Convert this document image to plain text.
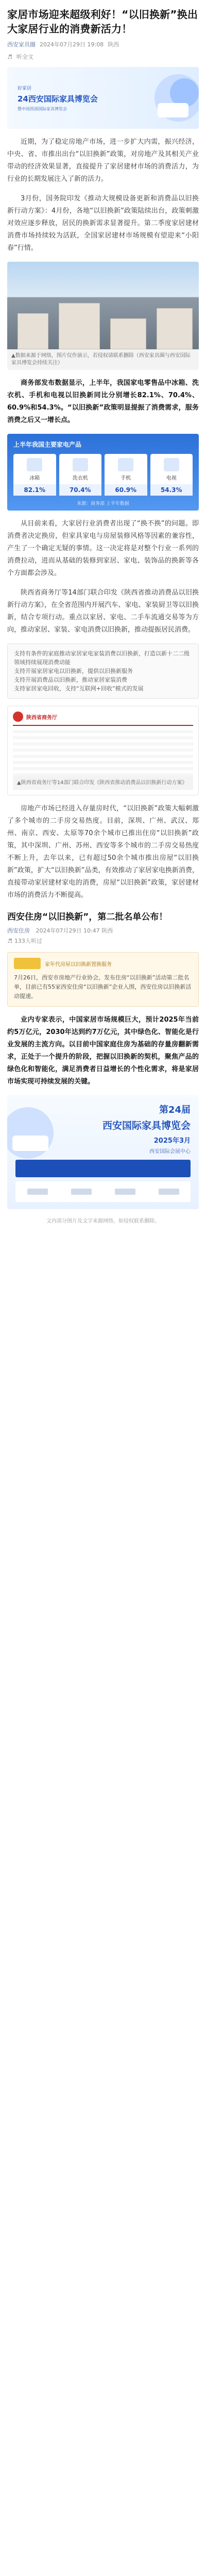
家居市场迎来超级利好！“以旧换新”换出大家居行业的消费新活力！
西安家具圈 2024年07月29日 19:08 陕西
♬ 听全文
好家居
24西安国际家具博览会
暨中国西部国际家具博览会

近期，为了稳定房地产市场，进一步扩大内需，振兴经济，中央、省、市推出出台“以旧换新”政策，对房地产及其相关产业带动的经济效果显著，直接提升了家居建材市场的消费活力，为行业的长期发展注入了新的活力。

3月份，国务院印发《推动大规模设备更新和消费品以旧换新行动方案》：4月份，各地“以旧换新”政策陆续出台，政策刺激对效应逐步释放，居民的换新需求显著提升。第二季度家居建材消费市场持续较为活跃，全国家居建材市场规模有望迎来“小阳春”行情。

▲数据来源于网络，图片仅作演示，若侵权请联系删除（西安家具圈与西安国际家具博览会持续关注）

商务部发布数据显示，上半年，我国家电零售品中冰箱、洗衣机、手机和电视以旧换新同比分别增长82.1%、70.4%、60.9%和54.3%。“以旧换新”政策明显提振了消费需求，服务消费之后又一增长点。

上半年我国主要家电产品
冰箱
82.1%
洗衣机
70.4%
手机
60.9%
电视
54.3%
来源：商务部 上半年数据

从目前来看，大家居行业消费者出现了“换不换”的问题。即消费者决定换房，但家具家电与房屋装修风格等因素的兼容性，产生了一个确定无疑的事情。这一决定将是对整个行业一系列的消费拉动，进而从基础的装修到家居、家电、装饰品的换新等各个方面都会涉及。

陕西省商务厅等14部门联合印发《陕西省推动消费品以旧换新行动方案》，在全省范围内开展汽车、家电、家装厨卫等以旧换新，结合专项行动。重点以家居、家电、二手车流通交易等为方向，推动家居、家装、家电消费以旧换新，推动提振居民消费。

支持有条件的家庭推动家居家电家装消费以旧换新，打造以新十二二级领域持续展现消费动能

支持开展家居家电以旧换新，提供以旧换新服务

支持开展消费品以旧换新，推动家居家装消费

支持家居家电回收，支持“互联网+回收”模式的发展

陕西省商务厅
▲陕西省商务厅等14部门联合印发《陕西省推动消费品以旧换新行动方案》

房地产市场已经进入存量房时代，“以旧换新”政策大幅刺激了多个城市的二手房交易热度。目前，深圳、广州、武汉、郑州、南京、西安、太原等70余个城市已推出住房“以旧换新”政策，其中深圳、广州、苏州、西安等多个城市的二手房交易热度不断上升，去年以来，已有超过50余个城市推出房屋“以旧换新”政策，扩大“以旧换新”品类，有效推动了家居家电换新消费，直接带动家居建材家电的消费，房屋“以旧换新”政策，家居建材市场的消费活力不断提高。

西安住房“以旧换新”，第二批名单公布！
西安住房 2024年07月29日 10:47 陕西
♬ 133人听过
家年代房屋以旧换新置换服务

7月26日，西安市房地产行业协会，发布住房“以旧换新”活动第二批名单，目前已有55家西安住房“以旧换新”企业入围，西安住房以旧换新活动提速。

业内专家表示，中国家居市场规模巨大，预计2025年当前约5万亿元，2030年达到约7万亿元，其中绿色化、智能化是行业发展的主流方向。以目前中国家庭住房为基础的存量房翻新需求，正处于一个提升的阶段，把握以旧换新的契机，聚焦产品的绿色化和智能化，满足消费者日益增长的个性化需求，将是家居市场实现可持续发展的关键。

第24届
西安国际家具博览会
2025年3月
西安国际会展中心
文内部分图片及文字来源网络，如侵权联系删除。
